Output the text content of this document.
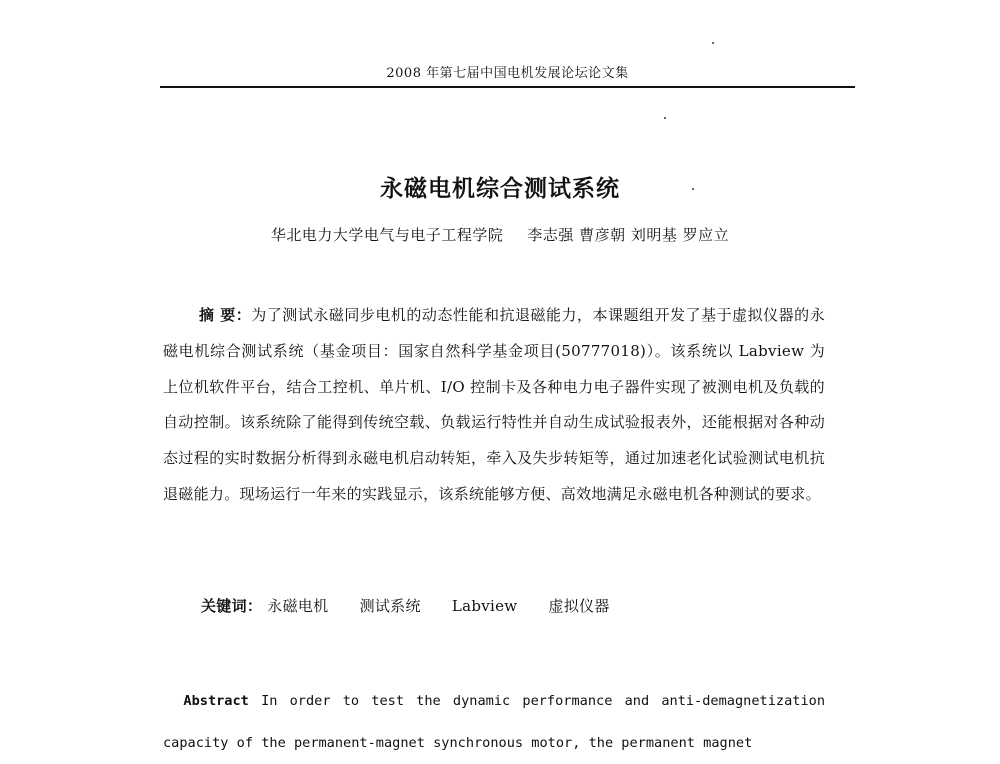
2008 年第七届中国电机发展论坛论文集
永磁电机综合测试系统
华北电力大学电气与电子工程学院 李志强 曹彦朝 刘明基 罗应立
摘 要：为了测试永磁同步电机的动态性能和抗退磁能力，本课题组开发了基于虚拟仪器的永磁电机综合测试系统（基金项目：国家自然科学基金项目(50777018)）。该系统以 Labview 为上位机软件平台，结合工控机、单片机、I/O 控制卡及各种电力电子器件实现了被测电机及负载的自动控制。该系统除了能得到传统空载、负载运行特性并自动生成试验报表外，还能根据对各种动态过程的实时数据分析得到永磁电机启动转矩，牵入及失步转矩等，通过加速老化试验测试电机抗退磁能力。现场运行一年来的实践显示，该系统能够方便、高效地满足永磁电机各种测试的要求。
关键词： 永磁电机 测试系统 Labview 虚拟仪器
Abstract In order to test the dynamic performance and anti-demagnetization capacity of the permanent-magnet synchronous motor, the permanent magnet
